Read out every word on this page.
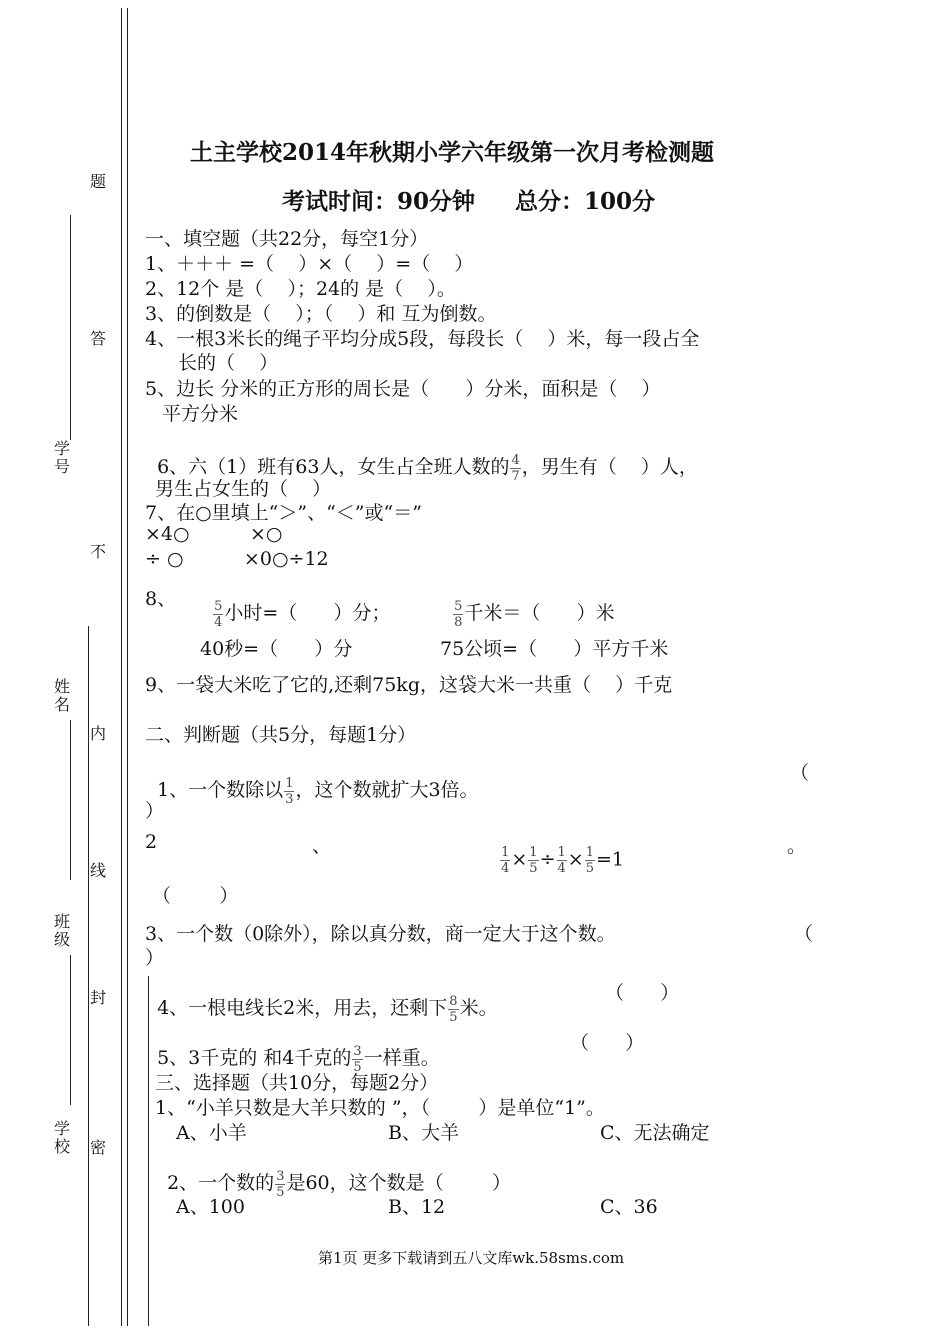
题
答
不
内
线
封
密
学号
姓名
班级
学校
土主学校2014年秋期小学六年级第一次月考检测题
考试时间：90分钟     总分：100分
一、填空题（共22分，每空1分）
1、＋＋＋ =（    ）×（    ）=（    ）
2、12个 是（    ）；24的 是（    ）。
3、的倒数是（    ）；（    ）和 互为倒数。
4、一根3米长的绳子平均分成5段，每段长（    ）米，每一段占全
长的（    ）
5、边长 分米的正方形的周长是（      ）分米，面积是（    ）
平方分米

6、六（1）班有63人，女生占全班人数的 $\frac{4}{7}$ ，男生有（    ）人，

男生占女生的（    ）
7、在○里填上“＞”、“＜”或“＝”
×4○          ×○
÷ ○          ×0○÷12
8、

	$\frac{5}{4}$ 小时=（      ）分；

	$\frac{5}{8}$ 千米＝（      ）米

40秒=（      ）分	75公顷=（      ）平方千米
9、一袋大米吃了它的,还剩75kg，这袋大米一共重（    ）千克
二、判断题（共5分，每题1分）

1、一个数除以 $\frac{1}{3}$ ，这个数就扩大3倍。

（
）
2	、

	$\frac{1}{4} \times \frac{1}{5} \div \frac{1}{4} \times \frac{1}{5} =1$

。
（        ）
3、一个数（0除外），除以真分数，商一定大于这个数。	（
）

4、一根电线长2米，用去，还剩下 $\frac{8}{5}$ 米。

（      ）

5、3千克的 和4千克的 $\frac{3}{5}$ 一样重。

（      ）
三、选择题（共10分，每题2分）
1、“小羊只数是大羊只数的 ”，（        ）是单位“1”。
A、小羊	B、大羊	C、无法确定

2、一个数的 $\frac{3}{5}$ 是60，这个数是（        ）

A、100	B、12	C、36
第1页 更多下载请到五八文库wk.58sms.com
